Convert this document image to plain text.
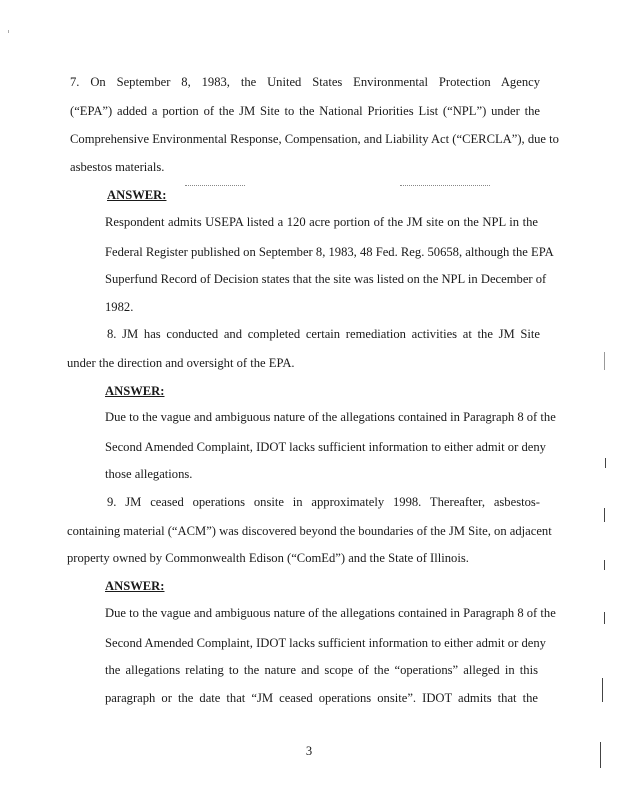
7. On September 8, 1983, the United States Environmental Protection Agency
(“EPA”) added a portion of the JM Site to the National Priorities List (“NPL”) under the
Comprehensive Environmental Response, Compensation, and Liability Act (“CERCLA”), due to
asbestos materials.
ANSWER:
Respondent admits USEPA listed a 120 acre portion of the JM site on the NPL in the
Federal Register published on September 8, 1983, 48 Fed. Reg. 50658, although the EPA
Superfund Record of Decision states that the site was listed on the NPL in December of
1982.
8. JM has conducted and completed certain remediation activities at the JM Site
under the direction and oversight of the EPA.
ANSWER:
Due to the vague and ambiguous nature of the allegations contained in Paragraph 8 of the
Second Amended Complaint, IDOT lacks sufficient information to either admit or deny
those allegations.
9. JM ceased operations onsite in approximately 1998. Thereafter, asbestos-
containing material (“ACM”) was discovered beyond the boundaries of the JM Site, on adjacent
property owned by Commonwealth Edison (“ComEd”) and the State of Illinois.
ANSWER:
Due to the vague and ambiguous nature of the allegations contained in Paragraph 8 of the
Second Amended Complaint, IDOT lacks sufficient information to either admit or deny
the allegations relating to the nature and scope of the “operations” alleged in this
paragraph or the date that “JM ceased operations onsite”. IDOT admits that the
3
